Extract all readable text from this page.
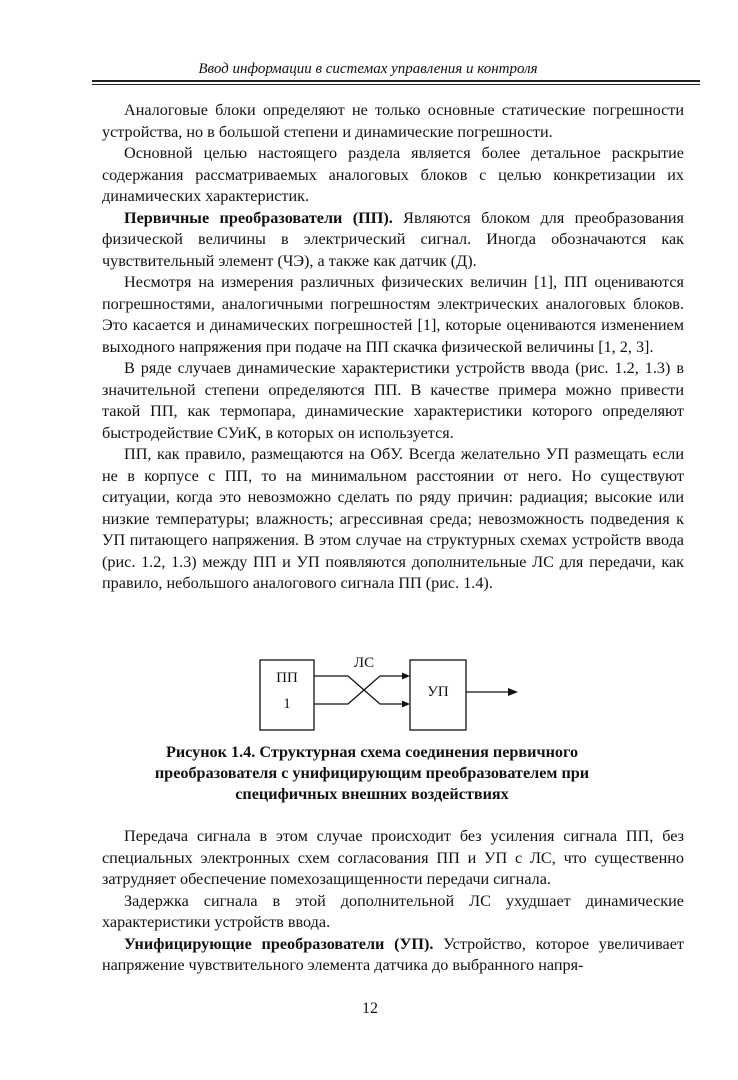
Ввод информации в системах управления и контроля

Аналоговые блоки определяют не только основные статические погрешности устройства, но в большой степени и динамические погрешности.

Основной целью настоящего раздела является более детальное раскрытие содержания рассматриваемых аналоговых блоков с целью конкретизации их динамических характеристик.

Первичные преобразователи (ПП). Являются блоком для преобразования физической величины в электрический сигнал. Иногда обозначаются как чувствительный элемент (ЧЭ), а также как датчик (Д).

Несмотря на измерения различных физических величин [1], ПП оцениваются погрешностями, аналогичными погрешностям электрических аналоговых блоков. Это касается и динамических погрешностей [1], которые оцениваются изменением выходного напряжения при подаче на ПП скачка физической величины [1, 2, 3].

В ряде случаев динамические характеристики устройств ввода (рис. 1.2, 1.3) в значительной степени определяются ПП. В качестве примера можно привести такой ПП, как термопара, динамические характеристики которого определяют быстродействие СУиК, в которых он используется.

ПП, как правило, размещаются на ОбУ. Всегда желательно УП размещать если не в корпусе с ПП, то на минимальном расстоянии от него. Но существуют ситуации, когда это невозможно сделать по ряду причин: радиация; высокие или низкие температуры; влажность; агрессивная среда; невозможность подведения к УП питающего напряжения. В этом случае на структурных схемах устройств ввода (рис. 1.2, 1.3) между ПП и УП появляются дополнительные ЛС для передачи, как правило, небольшого аналогового сигнала ПП (рис. 1.4).

ПП
1
ЛС
УП
Рисунок 1.4. Структурная схема соединения первичного
преобразователя с унифицирующим преобразователем при
специфичных внешних воздействиях

Передача сигнала в этом случае происходит без усиления сигнала ПП, без специальных электронных схем согласования ПП и УП с ЛС, что существенно затрудняет обеспечение помехозащищенности передачи сигнала.

Задержка сигнала в этой дополнительной ЛС ухудшает динамические характеристики устройств ввода.

Унифицирующие преобразователи (УП). Устройство, которое увеличивает напряжение чувствительного элемента датчика до выбранного напря-

12
